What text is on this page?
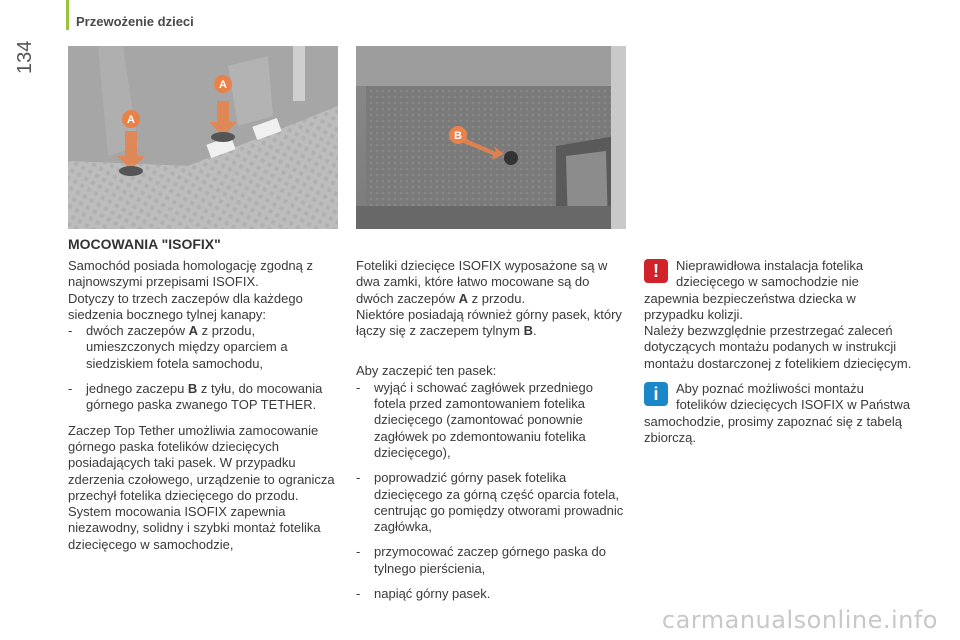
Przewożenie dzieci
134
A
A
B
MOCOWANIA "ISOFIX"

Samochód posiada homologację zgodną z najnowszymi przepisami ISOFIX.

Dotyczy to trzech zaczepów dla każdego siedzenia bocznego tylnej kanapy:

-	dwóch zaczepów A z przodu, umieszczonych między oparciem a siedziskiem fotela samochodu,
-	jednego zaczepu B z tyłu, do mocowania górnego paska zwanego TOP TETHER.

Zaczep Top Tether umożliwia zamocowanie górnego paska fotelików dziecięcych posiadających taki pasek. W przypadku zderzenia czołowego, urządzenie to ogranicza przechył fotelika dziecięcego do przodu.

System mocowania ISOFIX zapewnia niezawodny, solidny i szybki montaż fotelika dziecięcego w samochodzie,

Foteliki dziecięce ISOFIX wyposażone są w dwa zamki, które łatwo mocowane są do dwóch zaczepów A z przodu.

Niektóre posiadają również górny pasek, który łączy się z zaczepem tylnym B.

Aby zaczepić ten pasek:

-	wyjąć i schować zagłówek przedniego fotela przed zamontowaniem fotelika dziecięcego (zamontować ponownie zagłówek po zdemontowaniu fotelika dziecięcego),
-	poprowadzić górny pasek fotelika dziecięcego za górną część oparcia fotela, centrując go pomiędzy otworami prowadnic zagłówka,
-	przymocować zaczep górnego paska do tylnego pierścienia,
-	napiąć górny pasek.
!	Nieprawidłowa instalacja fotelika dziecięcego w samochodzie nie zapewnia bezpieczeństwa dziecka w przypadku kolizji.

Należy bezwzględnie przestrzegać zaleceń dotyczących montażu podanych w instrukcji montażu dostarczonej z fotelikiem dziecięcym.

i	Aby poznać możliwości montażu fotelików dziecięcych ISOFIX w Państwa samochodzie, prosimy zapoznać się z tabelą zbiorczą.

carmanualsonline.info
